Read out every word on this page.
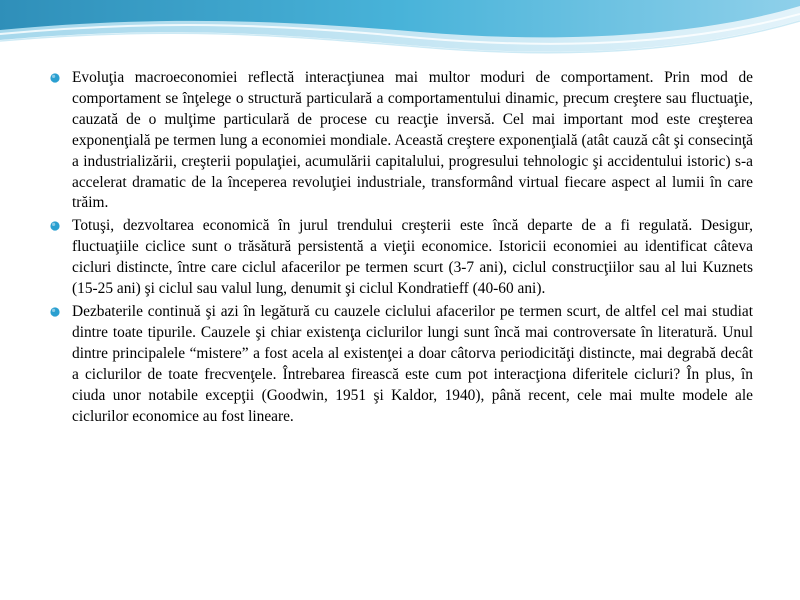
Evoluţia macroeconomiei reflectă interacţiunea mai multor moduri de comportament. Prin mod de comportament se înţelege o structură particulară a comportamentului dinamic, precum creştere sau fluctuaţie, cauzată de o mulţime particulară de procese cu reacţie inversă. Cel mai important mod este creşterea exponenţială pe termen lung a economiei mondiale. Această creştere exponenţială (atât cauză cât şi consecinţă a industrializării, creşterii populaţiei, acumulării capitalului, progresului tehnologic şi accidentului istoric) s-a accelerat dramatic de la începerea revoluţiei industriale, transformând virtual fiecare aspect al lumii în care trăim.
Totuşi, dezvoltarea economică în jurul trendului creşterii este încă departe de a fi regulată. Desigur, fluctuaţiile ciclice sunt o trăsătură persistentă a vieţii economice. Istoricii economiei au identificat câteva cicluri distincte, între care ciclul afacerilor pe termen scurt (3-7 ani), ciclul construcţiilor sau al lui Kuznets (15-25 ani) şi ciclul sau valul lung, denumit şi ciclul Kondratieff (40-60 ani).
Dezbaterile continuă şi azi în legătură cu cauzele ciclului afacerilor pe termen scurt, de altfel cel mai studiat dintre toate tipurile. Cauzele şi chiar existenţa ciclurilor lungi sunt încă mai controversate în literatură. Unul dintre principalele “mistere” a fost acela al existenţei a doar câtorva periodicităţi distincte, mai degrabă decât a ciclurilor de toate frecvenţele. Întrebarea firească este cum pot interacţiona diferitele cicluri? În plus, în ciuda unor notabile excepţii (Goodwin, 1951 şi Kaldor, 1940), până recent, cele mai multe modele ale ciclurilor economice au fost lineare.
